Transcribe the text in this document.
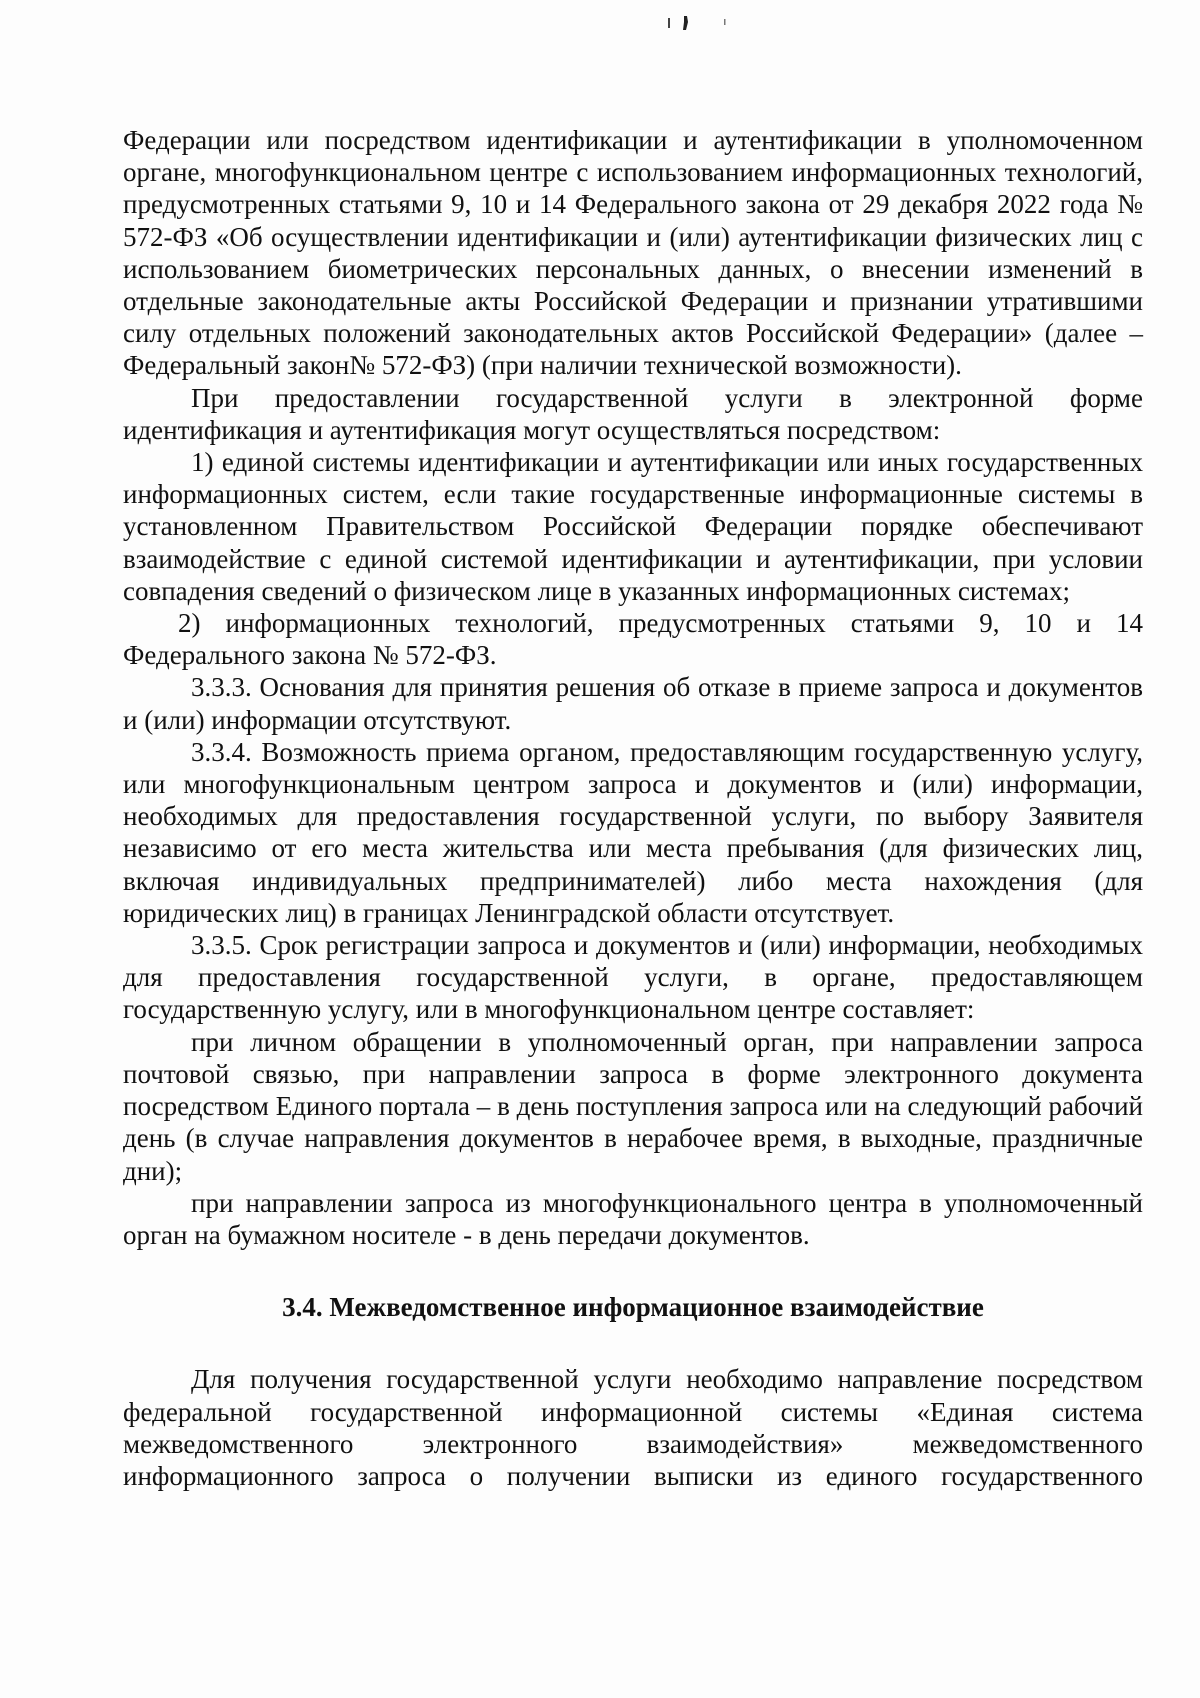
Федерации или посредством идентификации и аутентификации в уполномоченном органе, многофункциональном центре с использованием информационных технологий, предусмотренных статьями 9, 10 и 14 Федерального закона от 29 декабря 2022 года № 572-ФЗ «Об осуществлении идентификации и (или) аутентификации физических лиц с использованием биометрических персональных данных, о внесении изменений в отдельные законодательные акты Российской Федерации и признании утратившими силу отдельных положений законодательных актов Российской Федерации» (далее – Федеральный закон№ 572-ФЗ) (при наличии технической возможности).

При предоставлении государственной услуги в электронной форме идентификация и аутентификация могут осуществляться посредством:

1) единой системы идентификации и аутентификации или иных государственных информационных систем, если такие государственные информационные системы в установленном Правительством Российской Федерации порядке обеспечивают взаимодействие с единой системой идентификации и аутентификации, при условии совпадения сведений о физическом лице в указанных информационных системах;

2) информационных технологий, предусмотренных статьями 9, 10 и 14 Федерального закона № 572-ФЗ.

3.3.3. Основания для принятия решения об отказе в приеме запроса и документов и (или) информации отсутствуют.

3.3.4. Возможность приема органом, предоставляющим государственную услугу, или многофункциональным центром запроса и документов и (или) информации, необходимых для предоставления государственной услуги, по выбору Заявителя независимо от его места жительства или места пребывания (для физических лиц, включая индивидуальных предпринимателей) либо места нахождения (для юридических лиц) в границах Ленинградской области отсутствует.

3.3.5. Срок регистрации запроса и документов и (или) информации, необходимых для предоставления государственной услуги, в органе, предоставляющем государственную услугу, или в многофункциональном центре составляет:

при личном обращении в уполномоченный орган, при направлении запроса почтовой связью, при направлении запроса в форме электронного документа посредством Единого портала – в день поступления запроса или на следующий рабочий день (в случае направления документов в нерабочее время, в выходные, праздничные дни);

при направлении запроса из многофункционального центра в уполномоченный орган на бумажном носителе - в день передачи документов.

3.4. Межведомственное информационное взаимодействие

Для получения государственной услуги необходимо направление посредством федеральной государственной информационной системы «Единая система межведомственного электронного взаимодействия» межведомственного информационного запроса о получении выписки из единого государственного
